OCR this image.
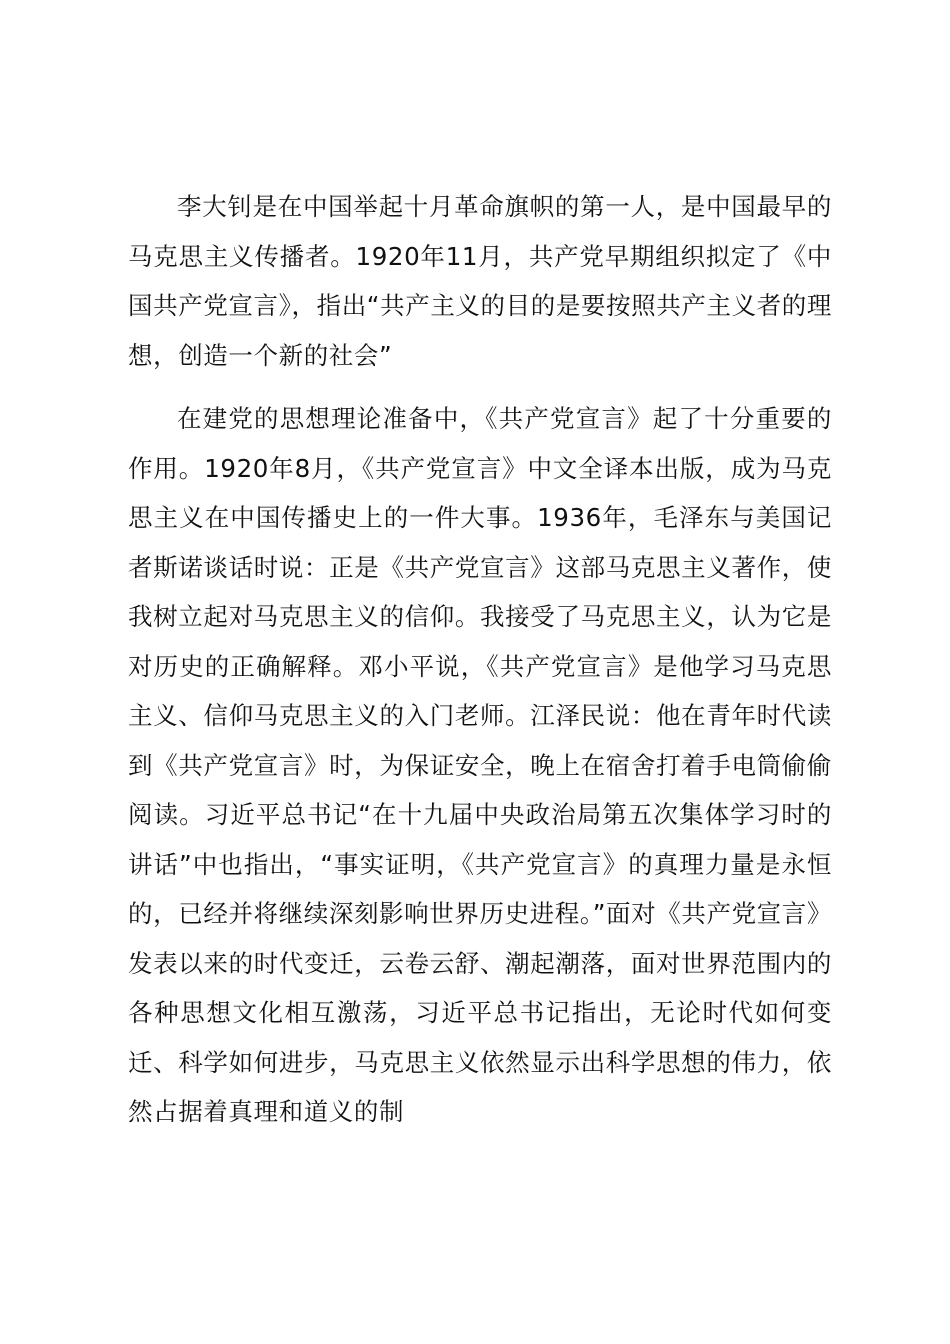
李大钊是在中国举起十月革命旗帜的第一人，是中国最早的马克思主义传播者。1920年11月，共产党早期组织拟定了《中国共产党宣言》，指出“共产主义的目的是要按照共产主义者的理想，创造一个新的社会”

在建党的思想理论准备中，《共产党宣言》起了十分重要的作用。1920年8月，《共产党宣言》中文全译本出版，成为马克思主义在中国传播史上的一件大事。1936年，毛泽东与美国记者斯诺谈话时说：正是《共产党宣言》这部马克思主义著作，使我树立起对马克思主义的信仰。我接受了马克思主义，认为它是对历史的正确解释。邓小平说，《共产党宣言》是他学习马克思主义、信仰马克思主义的入门老师。江泽民说：他在青年时代读到《共产党宣言》时，为保证安全，晚上在宿舍打着手电筒偷偷阅读。习近平总书记“在十九届中央政治局第五次集体学习时的讲话”中也指出，“事实证明，《共产党宣言》的真理力量是永恒的，已经并将继续深刻影响世界历史进程。”面对《共产党宣言》发表以来的时代变迁，云卷云舒、潮起潮落，面对世界范围内的各种思想文化相互激荡，习近平总书记指出，无论时代如何变迁、科学如何进步，马克思主义依然显示出科学思想的伟力，依然占据着真理和道义的制
